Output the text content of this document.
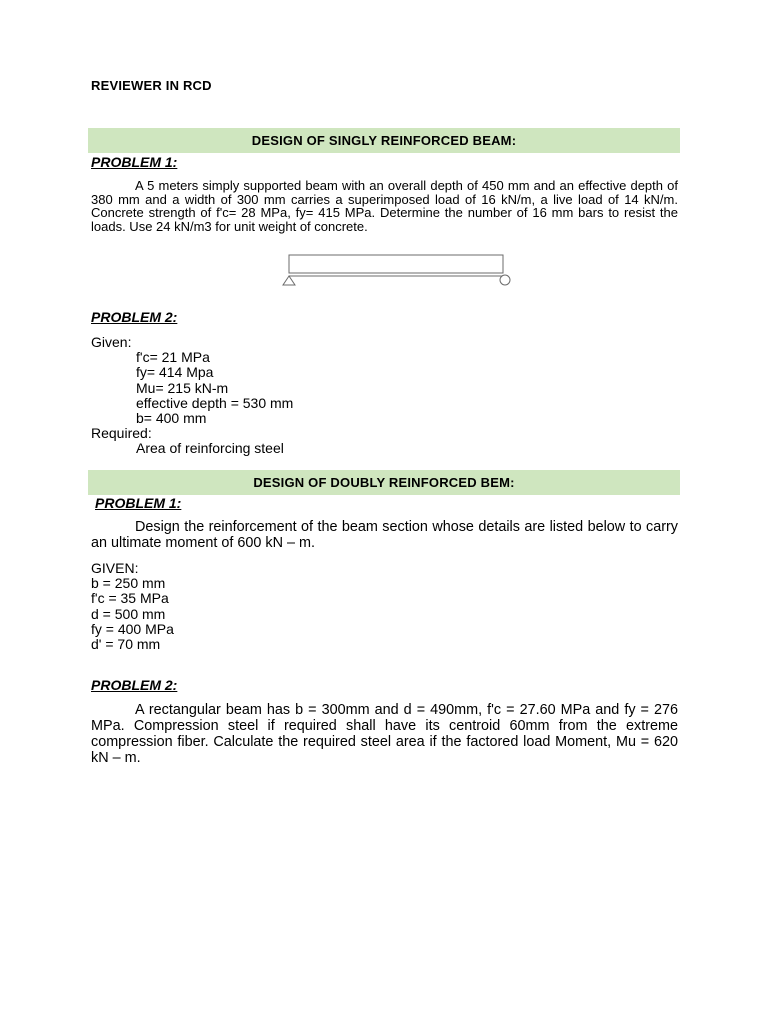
REVIEWER IN RCD
DESIGN OF SINGLY REINFORCED BEAM:
PROBLEM 1:
A 5 meters simply supported beam with an overall depth of 450 mm and an effective depth of 380 mm and a width of 300 mm carries a superimposed load of 16 kN/m, a live load of 14 kN/m. Concrete strength of f'c= 28 MPa, fy= 415 MPa. Determine the number of 16 mm bars to resist the loads. Use 24 kN/m3 for unit weight of concrete.
PROBLEM 2:
Given:
f'c= 21 MPa
fy= 414 Mpa
Mu= 215 kN-m
effective depth = 530 mm
b= 400 mm
Required:
Area of reinforcing steel
DESIGN OF DOUBLY REINFORCED BEM:
PROBLEM 1:
Design the reinforcement of the beam section whose details are listed below to carry an ultimate moment of 600 kN – m.
GIVEN:
b = 250 mm
f'c = 35 MPa
d = 500 mm
fy = 400 MPa
d' = 70 mm
PROBLEM 2:
A rectangular beam has b = 300mm and d = 490mm, f'c = 27.60 MPa and fy = 276 MPa. Compression steel if required shall have its centroid 60mm from the extreme compression fiber. Calculate the required steel area if the factored load Moment, Mu = 620 kN – m.
